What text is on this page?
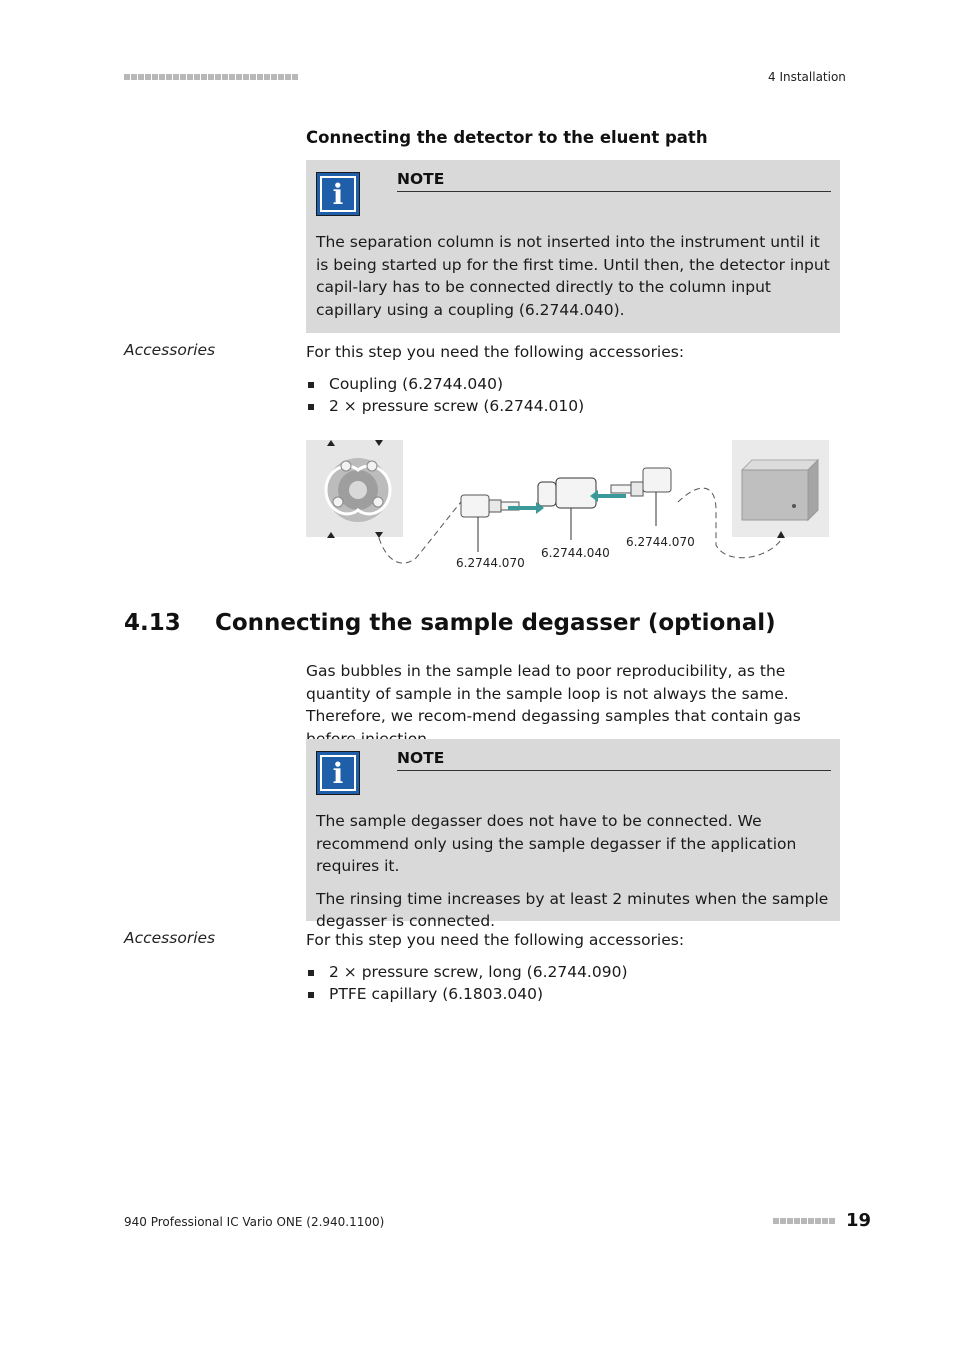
4 Installation
Connecting the detector to the eluent path
i	NOTE
The separation column is not inserted into the instrument until it is being started up for the first time. Until then, the detector input capil-lary has to be connected directly to the column input capillary using a coupling (6.2744.040).
Accessories	For this step you need the following accessories:
Coupling (6.2744.040)
2 × pressure screw (6.2744.010)
6.2744.070
6.2744.040
6.2744.070
4.13	Connecting the sample degasser (optional)
Gas bubbles in the sample lead to poor reproducibility, as the quantity of sample in the sample loop is not always the same. Therefore, we recom-mend degassing samples that contain gas
i	NOTE

The sample degasser does not have to be connected. We recommend only using the sample degasser if the application requires it.

The rinsing time increases by at least 2 minutes when the sample degasser is connected.

Accessories	For this step you need the following accessories:
2 × pressure screw, long (6.2744.090)
PTFE capillary (6.1803.040)
940 Professional IC Vario ONE (2.940.1100)	19
